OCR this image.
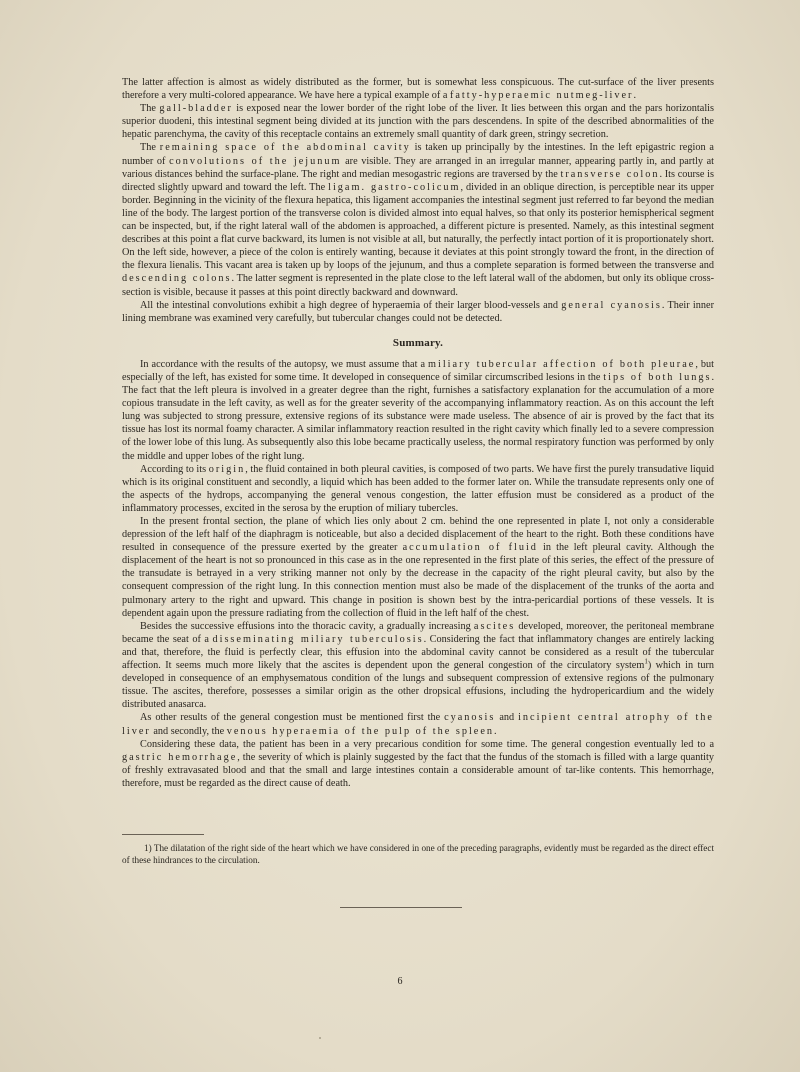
The latter affection is almost as widely distributed as the former, but is somewhat less conspicuous. The cut-surface of the liver presents therefore a very multi-colored appearance. We have here a typical example of a fatty-hyperaemic nutmeg-liver.

The gall-bladder is exposed near the lower border of the right lobe of the liver. It lies between this organ and the pars horizontalis superior duodeni, this intestinal segment being divided at its junction with the pars descendens. In spite of the described abnormalities of the hepatic parenchyma, the cavity of this receptacle contains an extremely small quantity of dark green, stringy secretion.

The remaining space of the abdominal cavity is taken up principally by the intestines. In the left epigastric region a number of convolutions of the jejunum are visible. They are arranged in an irregular manner, appearing partly in, and partly at various distances behind the surface-plane. The right and median mesogastric regions are traversed by the transverse colon. Its course is directed slightly upward and toward the left. The ligam. gastro-colicum, divided in an oblique direction, is perceptible near its upper border. Beginning in the vicinity of the flexura hepatica, this ligament accompanies the intestinal segment just referred to far beyond the median line of the body. The largest portion of the transverse colon is divided almost into equal halves, so that only its posterior hemispherical segment can be inspected, but, if the right lateral wall of the abdomen is approached, a different picture is presented. Namely, as this intestinal segment describes at this point a flat curve backward, its lumen is not visible at all, but naturally, the perfectly intact portion of it is proportionately short. On the left side, however, a piece of the colon is entirely wanting, because it deviates at this point strongly toward the front, in the direction of the flexura lienalis. This vacant area is taken up by loops of the jejunum, and thus a complete separation is formed between the transverse and descending colons. The latter segment is represented in the plate close to the left lateral wall of the abdomen, but only its oblique cross-section is visible, because it passes at this point directly backward and downward.

All the intestinal convolutions exhibit a high degree of hyperaemia of their larger blood-vessels and general cyanosis. Their inner lining membrane was examined very carefully, but tubercular changes could not be detected.

Summary.

In accordance with the results of the autopsy, we must assume that a miliary tubercular affection of both pleurae, but especially of the left, has existed for some time. It developed in consequence of similar circumscribed lesions in the tips of both lungs. The fact that the left pleura is involved in a greater degree than the right, furnishes a satisfactory explanation for the accumulation of a more copious transudate in the left cavity, as well as for the greater severity of the accompanying inflammatory reaction. As on this account the left lung was subjected to strong pressure, extensive regions of its substance were made useless. The absence of air is proved by the fact that its tissue has lost its normal foamy character. A similar inflammatory reaction resulted in the right cavity which finally led to a severe compression of the lower lobe of this lung. As subsequently also this lobe became practically useless, the normal respiratory function was performed by only the middle and upper lobes of the right lung.

According to its origin, the fluid contained in both pleural cavities, is composed of two parts. We have first the purely transudative liquid which is its original constituent and secondly, a liquid which has been added to the former later on. While the transudate represents only one of the aspects of the hydrops, accompanying the general venous congestion, the latter effusion must be considered as a product of the inflammatory processes, excited in the serosa by the eruption of miliary tubercles.

In the present frontal section, the plane of which lies only about 2 cm. behind the one represented in plate I, not only a considerable depression of the left half of the diaphragm is noticeable, but also a decided displacement of the heart to the right. Both these conditions have resulted in consequence of the pressure exerted by the greater accumulation of fluid in the left pleural cavity. Although the displacement of the heart is not so pronounced in this case as in the one represented in the first plate of this series, the effect of the pressure of the transudate is betrayed in a very striking manner not only by the decrease in the capacity of the right pleural cavity, but also by the consequent compression of the right lung. In this connection mention must also be made of the displacement of the trunks of the aorta and pulmonary artery to the right and upward. This change in position is shown best by the intra-pericardial portions of these vessels. It is dependent again upon the pressure radiating from the collection of fluid in the left half of the chest.

Besides the successive effusions into the thoracic cavity, a gradually increasing ascites developed, moreover, the peritoneal membrane became the seat of a disseminating miliary tuberculosis. Considering the fact that inflammatory changes are entirely lacking and that, therefore, the fluid is perfectly clear, this effusion into the abdominal cavity cannot be considered as a result of the tubercular affection. It seems much more likely that the ascites is dependent upon the general congestion of the circulatory system$^1$) which in turn developed in consequence of an emphysematous condition of the lungs and subsequent compression of extensive regions of the pulmonary tissue. The ascites, therefore, possesses a similar origin as the other dropsical effusions, including the hydropericardium and the widely distributed anasarca.

As other results of the general congestion must be mentioned first the cyanosis and incipient central atrophy of the liver and secondly, the venous hyperaemia of the pulp of the spleen.

Considering these data, the patient has been in a very precarious condition for some time. The general congestion eventually led to a gastric hemorrhage, the severity of which is plainly suggested by the fact that the fundus of the stomach is filled with a large quantity of freshly extravasated blood and that the small and large intestines contain a considerable amount of tar-like contents. This hemorrhage, therefore, must be regarded as the direct cause of death.

1) The dilatation of the right side of the heart which we have considered in one of the preceding paragraphs, evidently must be regarded as the direct effect of these hindrances to the circulation.

6
